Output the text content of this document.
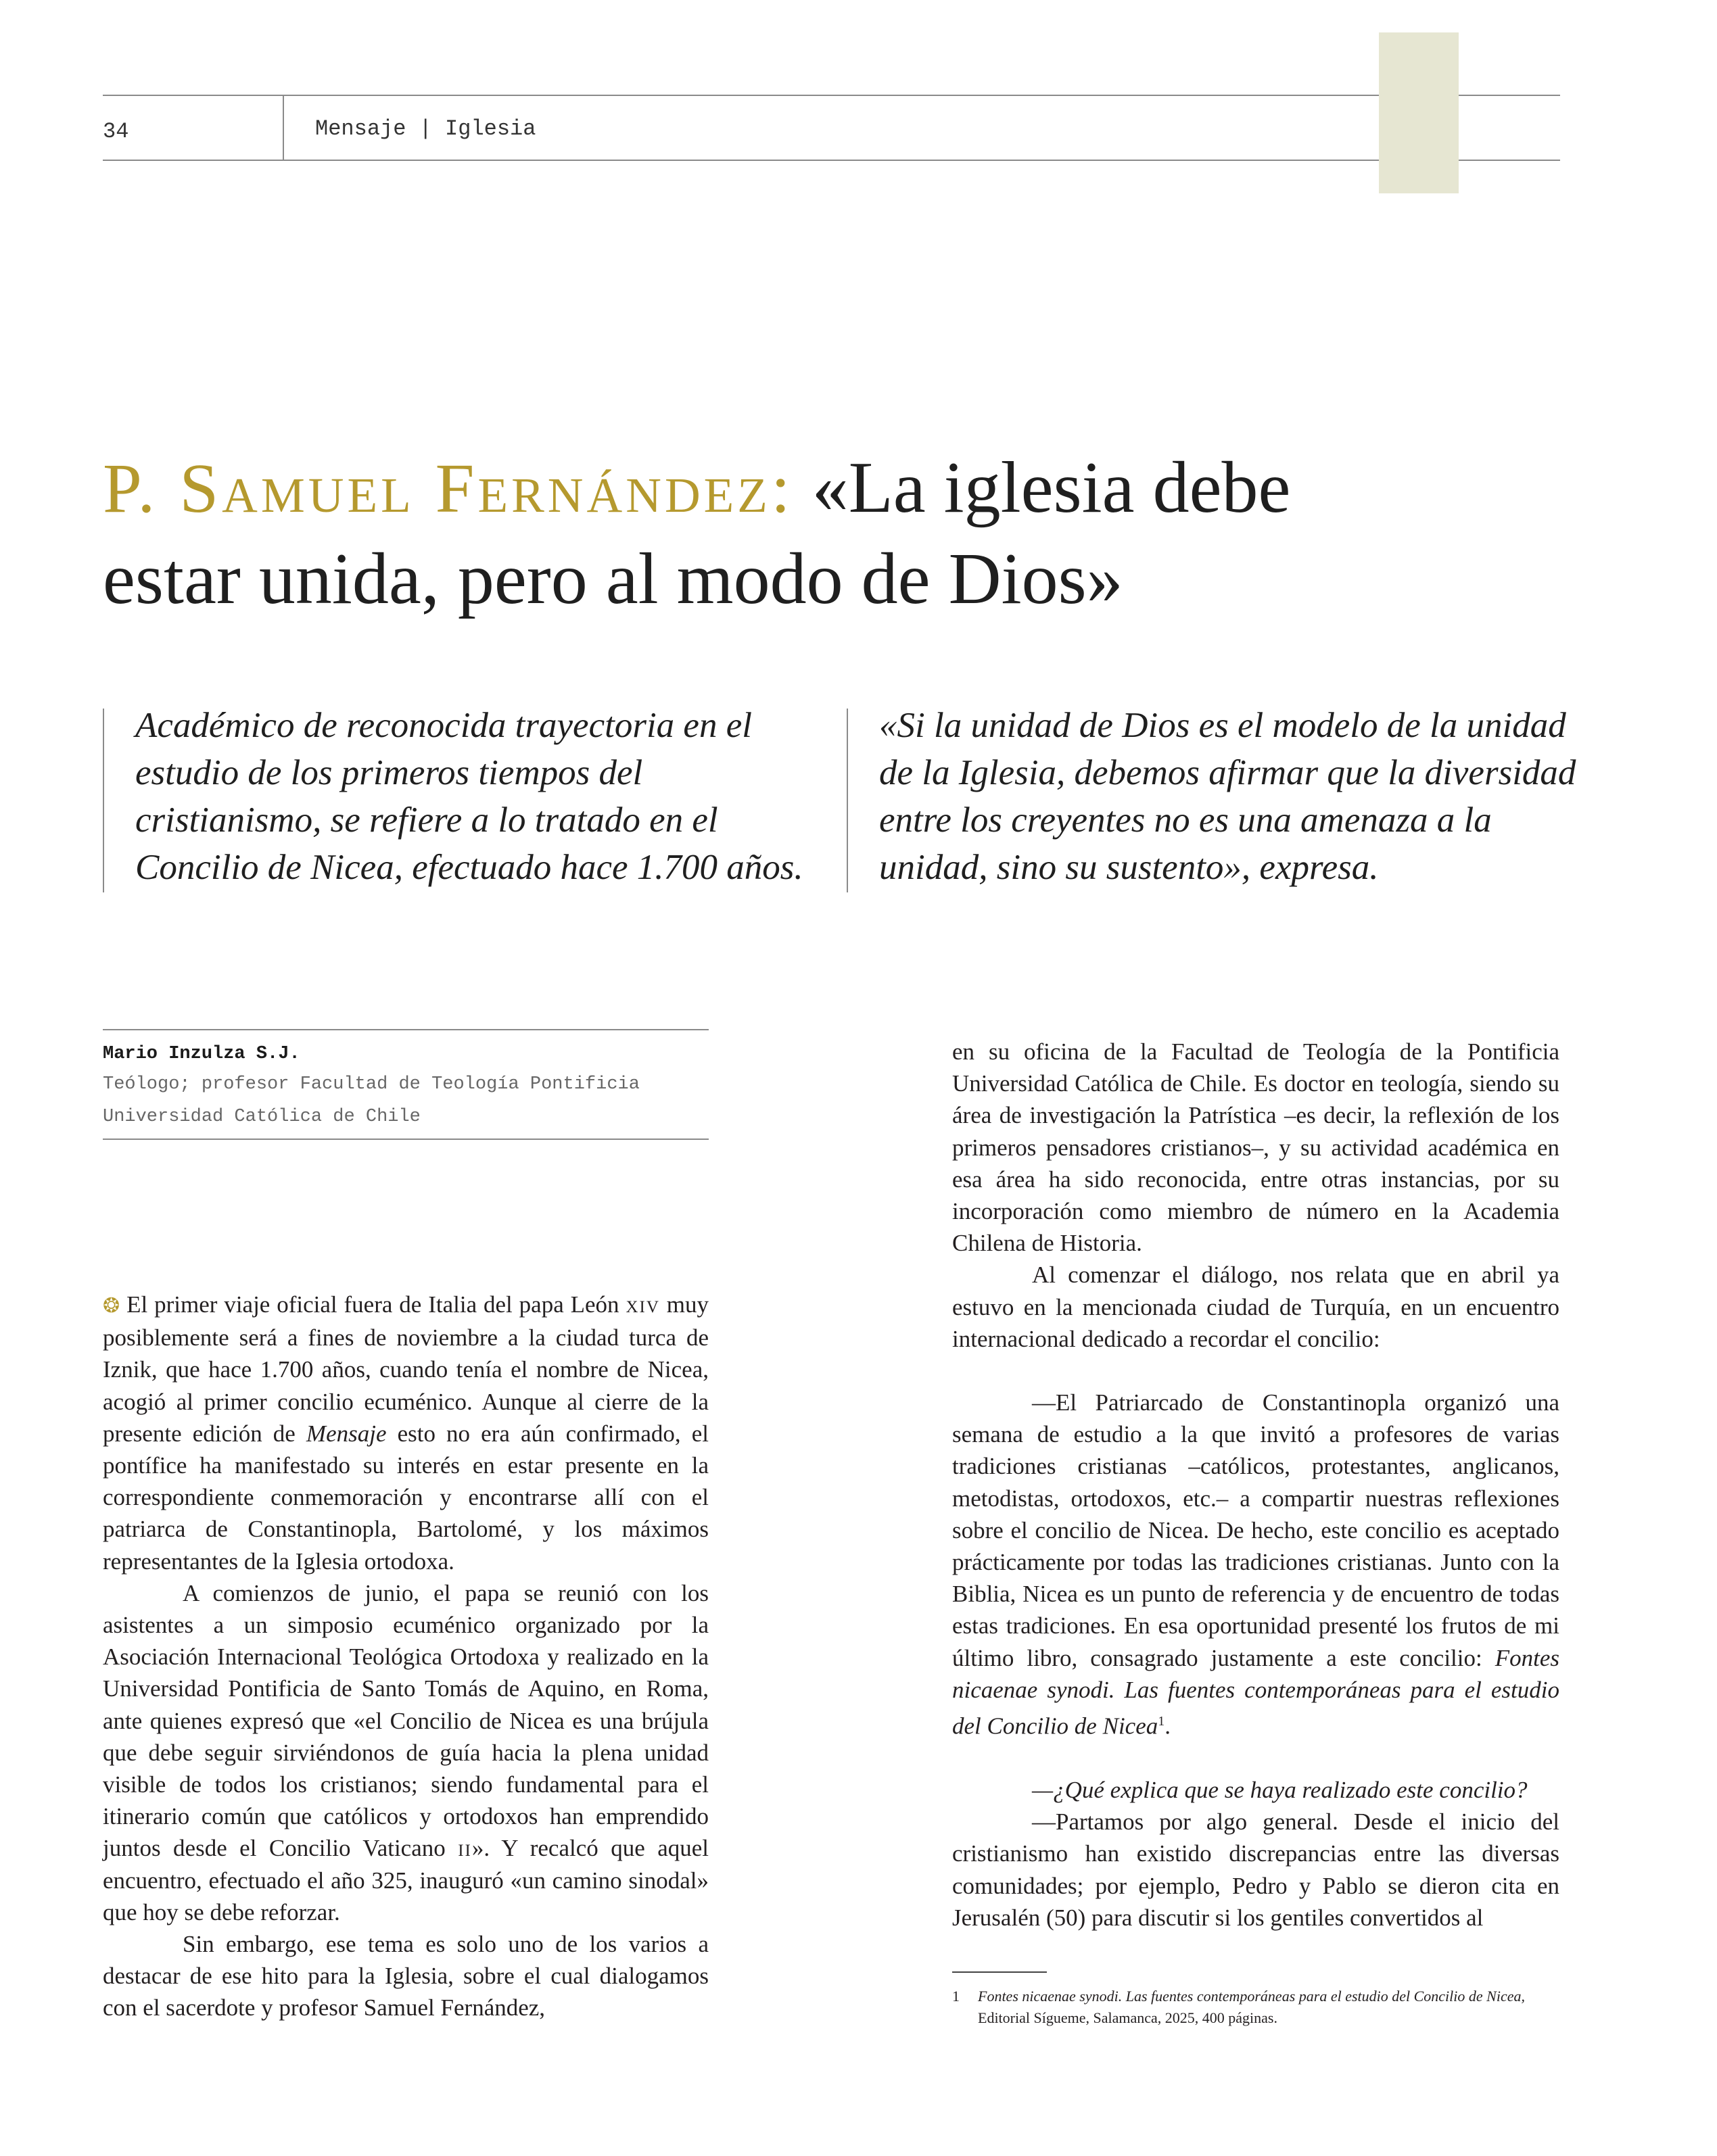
34	Mensaje | Iglesia
P. Samuel Fernández: «La iglesia debe
estar unida, pero al modo de Dios»
Académico de reconocida trayectoria en el estudio de los primeros tiempos del cristianismo, se refiere a lo tratado en el Concilio de Nicea, efectuado hace 1.700 años.
«Si la unidad de Dios es el modelo de la unidad de la Iglesia, debemos afirmar que la diversidad entre los creyentes no es una amenaza a la unidad, sino su sustento», expresa.
Mario Inzulza S.J.
Teólogo; profesor Facultad de Teología Pontificia Universidad Católica de Chile

❂ El primer viaje oficial fuera de Italia del papa León xiv muy posiblemente será a fines de noviembre a la ciudad turca de Iznik, que hace 1.700 años, cuando tenía el nombre de Nicea, acogió al primer concilio ecuménico. Aunque al cierre de la presente edición de Mensaje esto no era aún confirmado, el pontífice ha manifestado su interés en estar presente en la correspondiente conmemoración y encontrarse allí con el patriarca de Constantinopla, Bartolomé, y los máximos representantes de la Iglesia ortodoxa.

A comienzos de junio, el papa se reunió con los asistentes a un simposio ecuménico organizado por la Asociación Internacional Teológica Ortodoxa y realizado en la Universidad Pontificia de Santo Tomás de Aquino, en Roma, ante quienes expresó que «el Concilio de Nicea es una brújula que debe seguir sirviéndonos de guía hacia la plena unidad visible de todos los cristianos; siendo fundamental para el itinerario común que católicos y ortodoxos han emprendido juntos desde el Concilio Vaticano ii». Y recalcó que aquel encuentro, efectuado el año 325, inauguró «un camino sinodal» que hoy se debe reforzar.

Sin embargo, ese tema es solo uno de los varios a destacar de ese hito para la Iglesia, sobre el cual dialogamos con el sacerdote y profesor Samuel Fernández,

en su oficina de la Facultad de Teología de la Pontificia Universidad Católica de Chile. Es doctor en teología, siendo su área de investigación la Patrística –es decir, la reflexión de los primeros pensadores cristianos–, y su actividad académica en esa área ha sido reconocida, entre otras instancias, por su incorporación como miembro de número en la Academia Chilena de Historia.

Al comenzar el diálogo, nos relata que en abril ya estuvo en la mencionada ciudad de Turquía, en un encuentro internacional dedicado a recordar el concilio:

—El Patriarcado de Constantinopla organizó una semana de estudio a la que invitó a profesores de varias tradiciones cristianas –católicos, protestantes, anglicanos, metodistas, ortodoxos, etc.– a compartir nuestras reflexiones sobre el concilio de Nicea. De hecho, este concilio es aceptado prácticamente por todas las tradiciones cristianas. Junto con la Biblia, Nicea es un punto de referencia y de encuentro de todas estas tradiciones. En esa oportunidad presenté los frutos de mi último libro, consagrado justamente a este concilio: Fontes nicaenae synodi. Las fuentes contemporáneas para el estudio del Concilio de Nicea$^1$.

—¿Qué explica que se haya realizado este concilio?

—Partamos por algo general. Desde el inicio del cristianismo han existido discrepancias entre las diversas comunidades; por ejemplo, Pedro y Pablo se dieron cita en Jerusalén (50) para discutir si los gentiles convertidos al

1 Fontes nicaenae synodi. Las fuentes contemporáneas para el estudio del Concilio de Nicea,
Editorial Sígueme, Salamanca, 2025, 400 páginas.
